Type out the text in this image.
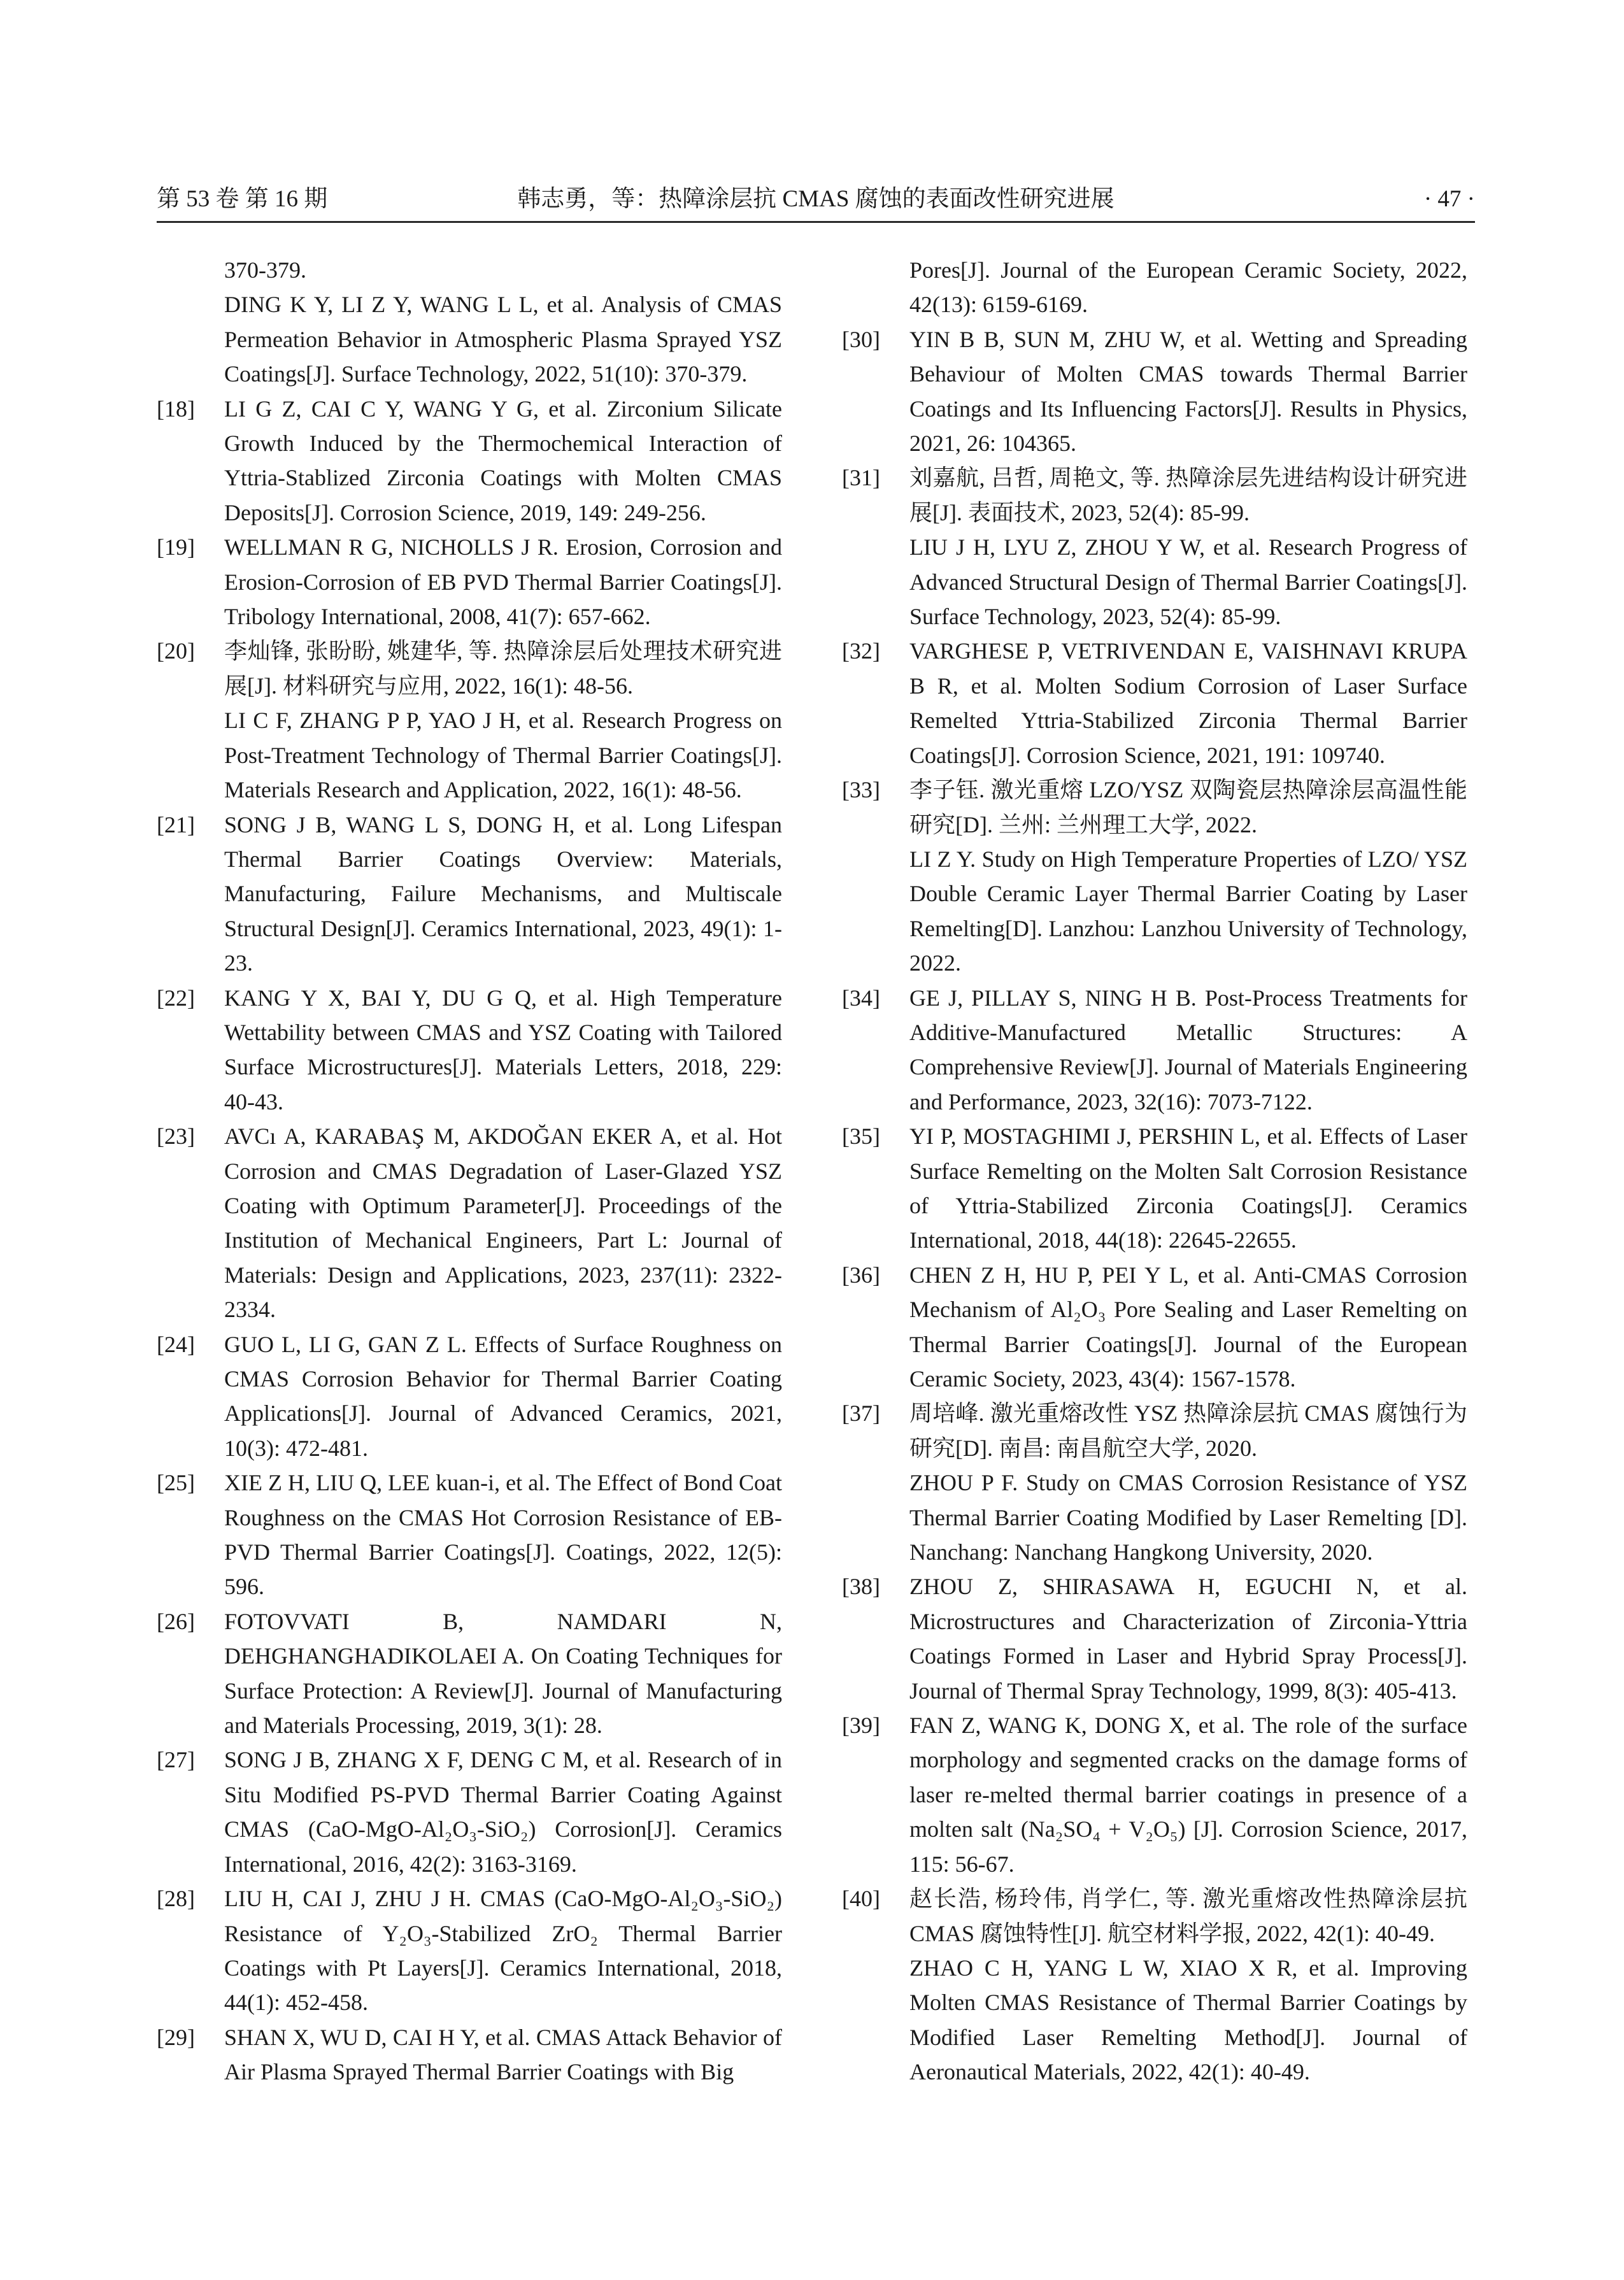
第 53 卷 第 16 期	韩志勇，等：热障涂层抗 CMAS 腐蚀的表面改性研究进展	· 47 ·
370-379.
DING K Y, LI Z Y, WANG L L, et al. Analysis of CMAS Permeation Behavior in Atmospheric Plasma Sprayed YSZ Coatings[J]. Surface Technology, 2022, 51(10): 370-379.
[18] LI G Z, CAI C Y, WANG Y G, et al. Zirconium Silicate Growth Induced by the Thermochemical Interaction of Yttria-Stablized Zirconia Coatings with Molten CMAS Deposits[J]. Corrosion Science, 2019, 149: 249-256.
[19] WELLMAN R G, NICHOLLS J R. Erosion, Corrosion and Erosion-Corrosion of EB PVD Thermal Barrier Coatings[J]. Tribology International, 2008, 41(7): 657-662.
[20] 李灿锋, 张盼盼, 姚建华, 等. 热障涂层后处理技术研究进展[J]. 材料研究与应用, 2022, 16(1): 48-56.
LI C F, ZHANG P P, YAO J H, et al. Research Progress on Post-Treatment Technology of Thermal Barrier Coatings[J]. Materials Research and Application, 2022, 16(1): 48-56.
[21] SONG J B, WANG L S, DONG H, et al. Long Lifespan Thermal Barrier Coatings Overview: Materials, Manufacturing, Failure Mechanisms, and Multiscale Structural Design[J]. Ceramics International, 2023, 49(1): 1-23.
[22] KANG Y X, BAI Y, DU G Q, et al. High Temperature Wettability between CMAS and YSZ Coating with Tailored Surface Microstructures[J]. Materials Letters, 2018, 229: 40-43.
[23] AVCı A, KARABAŞ M, AKDOĞAN EKER A, et al. Hot Corrosion and CMAS Degradation of Laser-Glazed YSZ Coating with Optimum Parameter[J]. Proceedings of the Institution of Mechanical Engineers, Part L: Journal of Materials: Design and Applications, 2023, 237(11): 2322-2334.
[24] GUO L, LI G, GAN Z L. Effects of Surface Roughness on CMAS Corrosion Behavior for Thermal Barrier Coating Applications[J]. Journal of Advanced Ceramics, 2021, 10(3): 472-481.
[25] XIE Z H, LIU Q, LEE kuan-i, et al. The Effect of Bond Coat Roughness on the CMAS Hot Corrosion Resistance of EB-PVD Thermal Barrier Coatings[J]. Coatings, 2022, 12(5): 596.
[26] FOTOVVATI B, NAMDARI N, DEHGHANGHADIKOLAEI A. On Coating Techniques for Surface Protection: A Review[J]. Journal of Manufacturing and Materials Processing, 2019, 3(1): 28.
[27] SONG J B, ZHANG X F, DENG C M, et al. Research of in Situ Modified PS-PVD Thermal Barrier Coating Against CMAS (CaO-MgO-Al₂O₃-SiO₂) Corrosion[J]. Ceramics International, 2016, 42(2): 3163-3169.
[28] LIU H, CAI J, ZHU J H. CMAS (CaO-MgO-Al₂O₃-SiO₂) Resistance of Y₂O₃-Stabilized ZrO₂ Thermal Barrier Coatings with Pt Layers[J]. Ceramics International, 2018, 44(1): 452-458.
[29] SHAN X, WU D, CAI H Y, et al. CMAS Attack Behavior of Air Plasma Sprayed Thermal Barrier Coatings with Big
Pores[J]. Journal of the European Ceramic Society, 2022, 42(13): 6159-6169.
[30] YIN B B, SUN M, ZHU W, et al. Wetting and Spreading Behaviour of Molten CMAS towards Thermal Barrier Coatings and Its Influencing Factors[J]. Results in Physics, 2021, 26: 104365.
[31] 刘嘉航, 吕哲, 周艳文, 等. 热障涂层先进结构设计研究进展[J]. 表面技术, 2023, 52(4): 85-99.
LIU J H, LYU Z, ZHOU Y W, et al. Research Progress of Advanced Structural Design of Thermal Barrier Coatings[J]. Surface Technology, 2023, 52(4): 85-99.
[32] VARGHESE P, VETRIVENDAN E, VAISHNAVI KRUPA B R, et al. Molten Sodium Corrosion of Laser Surface Remelted Yttria-Stabilized Zirconia Thermal Barrier Coatings[J]. Corrosion Science, 2021, 191: 109740.
[33] 李子钰. 激光重熔 LZO/YSZ 双陶瓷层热障涂层高温性能研究[D]. 兰州: 兰州理工大学, 2022.
LI Z Y. Study on High Temperature Properties of LZO/ YSZ Double Ceramic Layer Thermal Barrier Coating by Laser Remelting[D]. Lanzhou: Lanzhou University of Technology, 2022.
[34] GE J, PILLAY S, NING H B. Post-Process Treatments for Additive-Manufactured Metallic Structures: A Comprehensive Review[J]. Journal of Materials Engineering and Performance, 2023, 32(16): 7073-7122.
[35] YI P, MOSTAGHIMI J, PERSHIN L, et al. Effects of Laser Surface Remelting on the Molten Salt Corrosion Resistance of Yttria-Stabilized Zirconia Coatings[J]. Ceramics International, 2018, 44(18): 22645-22655.
[36] CHEN Z H, HU P, PEI Y L, et al. Anti-CMAS Corrosion Mechanism of Al₂O₃ Pore Sealing and Laser Remelting on Thermal Barrier Coatings[J]. Journal of the European Ceramic Society, 2023, 43(4): 1567-1578.
[37] 周培峰. 激光重熔改性 YSZ 热障涂层抗 CMAS 腐蚀行为研究[D]. 南昌: 南昌航空大学, 2020.
ZHOU P F. Study on CMAS Corrosion Resistance of YSZ Thermal Barrier Coating Modified by Laser Remelting [D]. Nanchang: Nanchang Hangkong University, 2020.
[38] ZHOU Z, SHIRASAWA H, EGUCHI N, et al. Microstructures and Characterization of Zirconia-Yttria Coatings Formed in Laser and Hybrid Spray Process[J]. Journal of Thermal Spray Technology, 1999, 8(3): 405-413.
[39] FAN Z, WANG K, DONG X, et al. The role of the surface morphology and segmented cracks on the damage forms of laser re-melted thermal barrier coatings in presence of a molten salt (Na₂SO₄ + V₂O₅) [J]. Corrosion Science, 2017, 115: 56-67.
[40] 赵长浩, 杨玲伟, 肖学仁, 等. 激光重熔改性热障涂层抗 CMAS 腐蚀特性[J]. 航空材料学报, 2022, 42(1): 40-49.
ZHAO C H, YANG L W, XIAO X R, et al. Improving Molten CMAS Resistance of Thermal Barrier Coatings by Modified Laser Remelting Method[J]. Journal of Aeronautical Materials, 2022, 42(1): 40-49.
